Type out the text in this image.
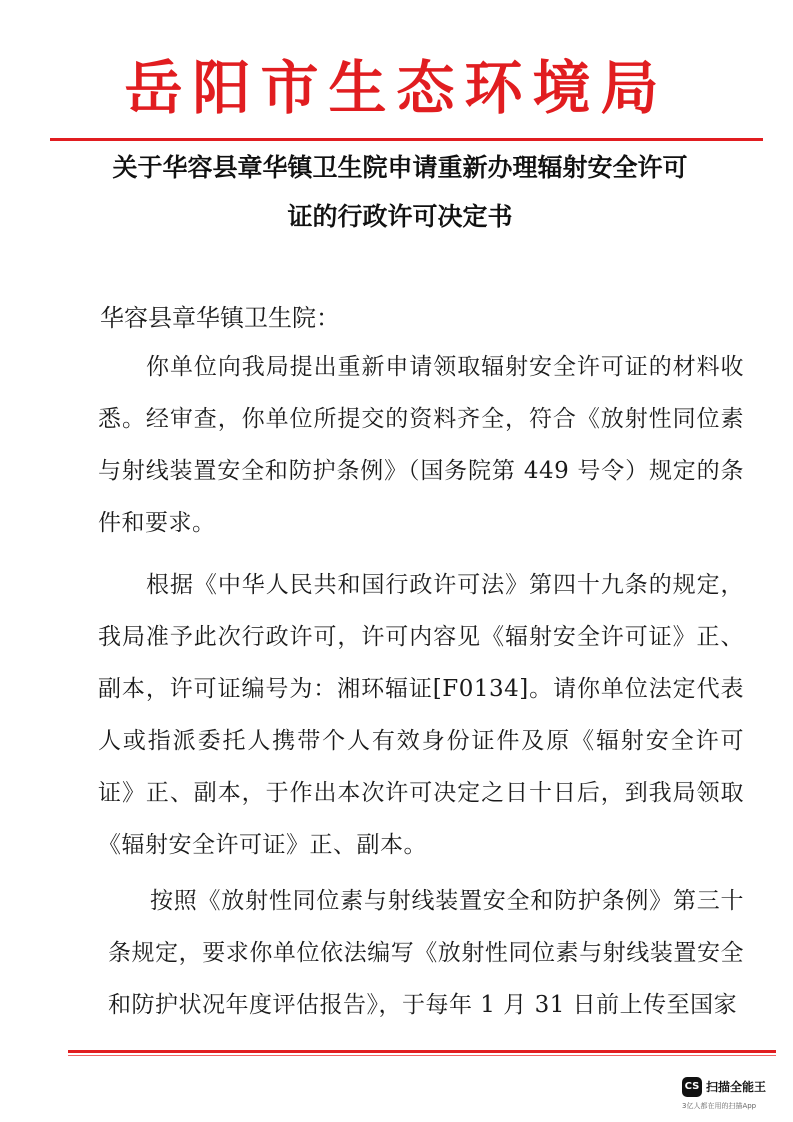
岳阳市生态环境局
关于华容县章华镇卫生院申请重新办理辐射安全许可
证的行政许可决定书
华容县章华镇卫生院：
你单位向我局提出重新申请领取辐射安全许可证的材料收悉。经审查，你单位所提交的资料齐全，符合《放射性同位素与射线装置安全和防护条例》（国务院第 449 号令）规定的条件和要求。
根据《中华人民共和国行政许可法》第四十九条的规定，我局准予此次行政许可，许可内容见《辐射安全许可证》正、副本，许可证编号为：湘环辐证[F0134]。请你单位法定代表人或指派委托人携带个人有效身份证件及原《辐射安全许可证》正、副本，于作出本次许可决定之日十日后，到我局领取《辐射安全许可证》正、副本。
按照《放射性同位素与射线装置安全和防护条例》第三十条规定，要求你单位依法编写《放射性同位素与射线装置安全和防护状况年度评估报告》，于每年 1 月 31 日前上传至国家
CS 扫描全能王
3亿人都在用的扫描App
